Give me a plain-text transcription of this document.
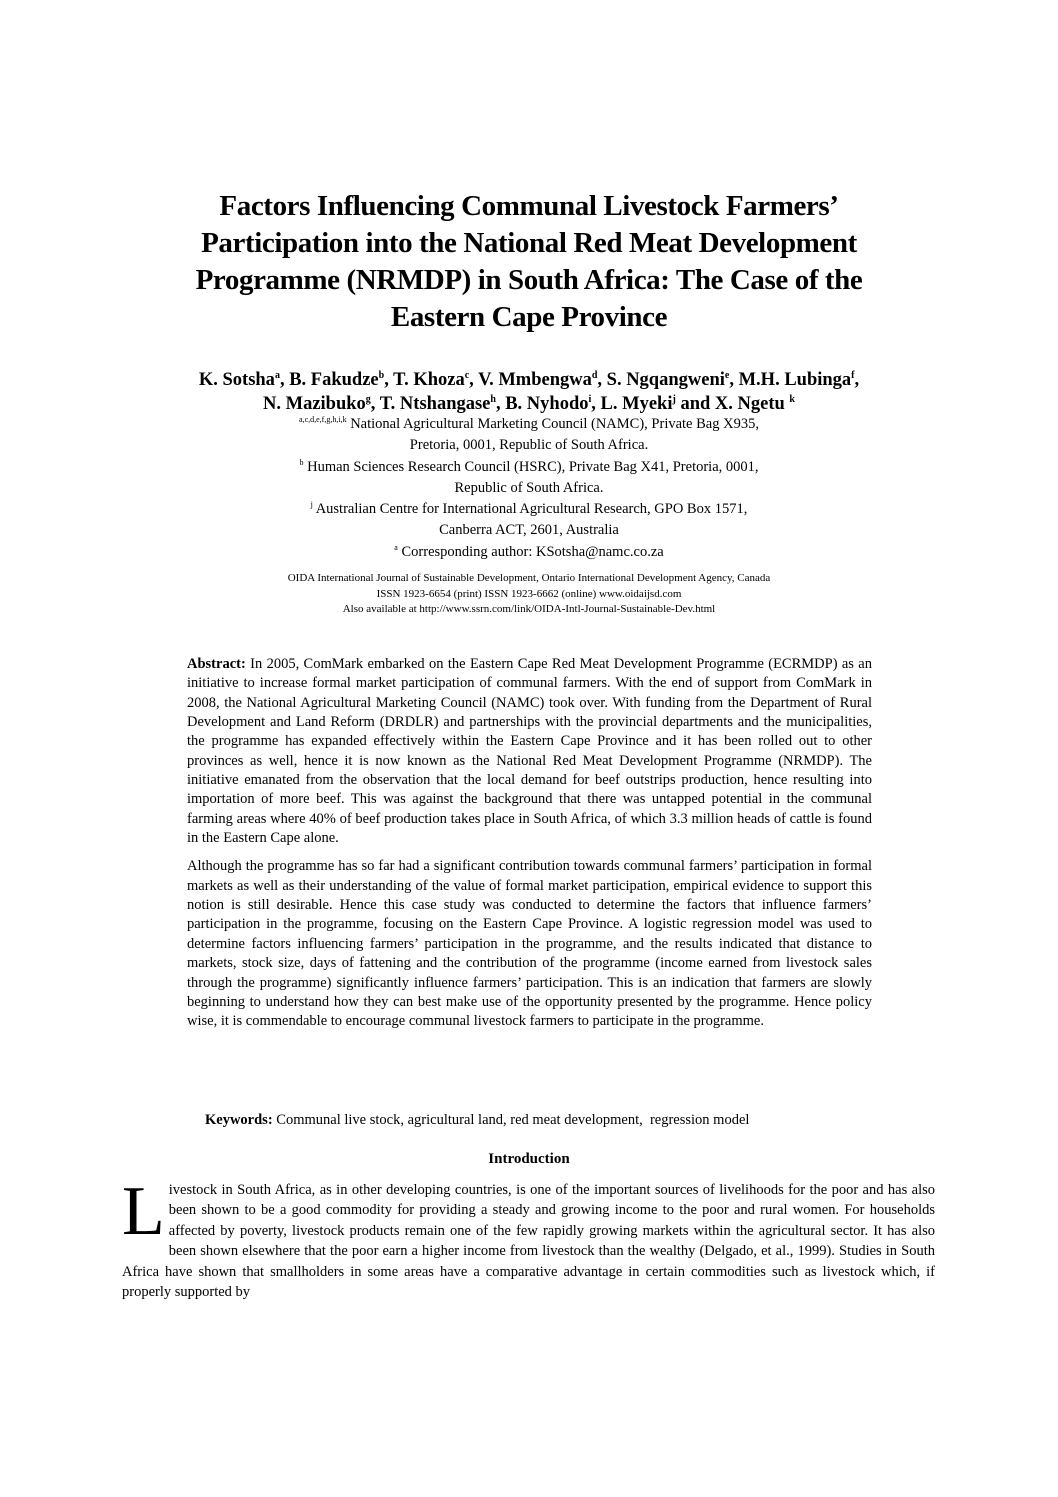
Factors Influencing Communal Livestock Farmers’
Participation into the National Red Meat Development
Programme (NRMDP) in South Africa: The Case of the
Eastern Cape Province
K. Sotsha$^a$, B. Fakudze$^b$, T. Khoza$^c$, V. Mmbengwa$^d$, S. Ngqangweni$^e$, M.H. Lubinga$^f$,
N. Mazibuko$^g$, T. Ntshangase$^h$, B. Nyhodo$^i$, L. Myeki$^j$ and X. Ngetu $^k$
$^{a,c,d,e,f,g,h,i,k}$ National Agricultural Marketing Council (NAMC), Private Bag X935,
Pretoria, 0001, Republic of South Africa.
$^b$ Human Sciences Research Council (HSRC), Private Bag X41, Pretoria, 0001,
Republic of South Africa.
$^j$ Australian Centre for International Agricultural Research, GPO Box 1571,
Canberra ACT, 2601, Australia
$^a$ Corresponding author: KSotsha@namc.co.za
OIDA International Journal of Sustainable Development, Ontario International Development Agency, Canada
ISSN 1923-6654 (print) ISSN 1923-6662 (online) www.oidaijsd.com
Also available at http://www.ssrn.com/link/OIDA-Intl-Journal-Sustainable-Dev.html

Abstract: In 2005, ComMark embarked on the Eastern Cape Red Meat Development Programme (ECRMDP) as an initiative to increase formal market participation of communal farmers. With the end of support from ComMark in 2008, the National Agricultural Marketing Council (NAMC) took over. With funding from the Department of Rural Development and Land Reform (DRDLR) and partnerships with the provincial departments and the municipalities, the programme has expanded effectively within the Eastern Cape Province and it has been rolled out to other provinces as well, hence it is now known as the National Red Meat Development Programme (NRMDP). The initiative emanated from the observation that the local demand for beef outstrips production, hence resulting into importation of more beef. This was against the background that there was untapped potential in the communal farming areas where 40% of beef production takes place in South Africa, of which 3.3 million heads of cattle is found in the Eastern Cape alone.

Although the programme has so far had a significant contribution towards communal farmers’ participation in formal markets as well as their understanding of the value of formal market participation, empirical evidence to support this notion is still desirable. Hence this case study was conducted to determine the factors that influence farmers’ participation in the programme, focusing on the Eastern Cape Province. A logistic regression model was used to determine factors influencing farmers’ participation in the programme, and the results indicated that distance to markets, stock size, days of fattening and the contribution of the programme (income earned from livestock sales through the programme) significantly influence farmers’ participation. This is an indication that farmers are slowly beginning to understand how they can best make use of the opportunity presented by the programme. Hence policy wise, it is commendable to encourage communal livestock farmers to participate in the programme.

Keywords: Communal live stock, agricultural land, red meat development,  regression model
Introduction
Livestock in South Africa, as in other developing countries, is one of the important sources of livelihoods for the poor and has also been shown to be a good commodity for providing a steady and growing income to the poor and rural women. For households affected by poverty, livestock products remain one of the few rapidly growing markets within the agricultural sector. It has also been shown elsewhere that the poor earn a higher income from livestock than the wealthy (Delgado, et al., 1999). Studies in South Africa have shown that smallholders in some areas have a comparative advantage in certain commodities such as livestock which, if properly supported by
